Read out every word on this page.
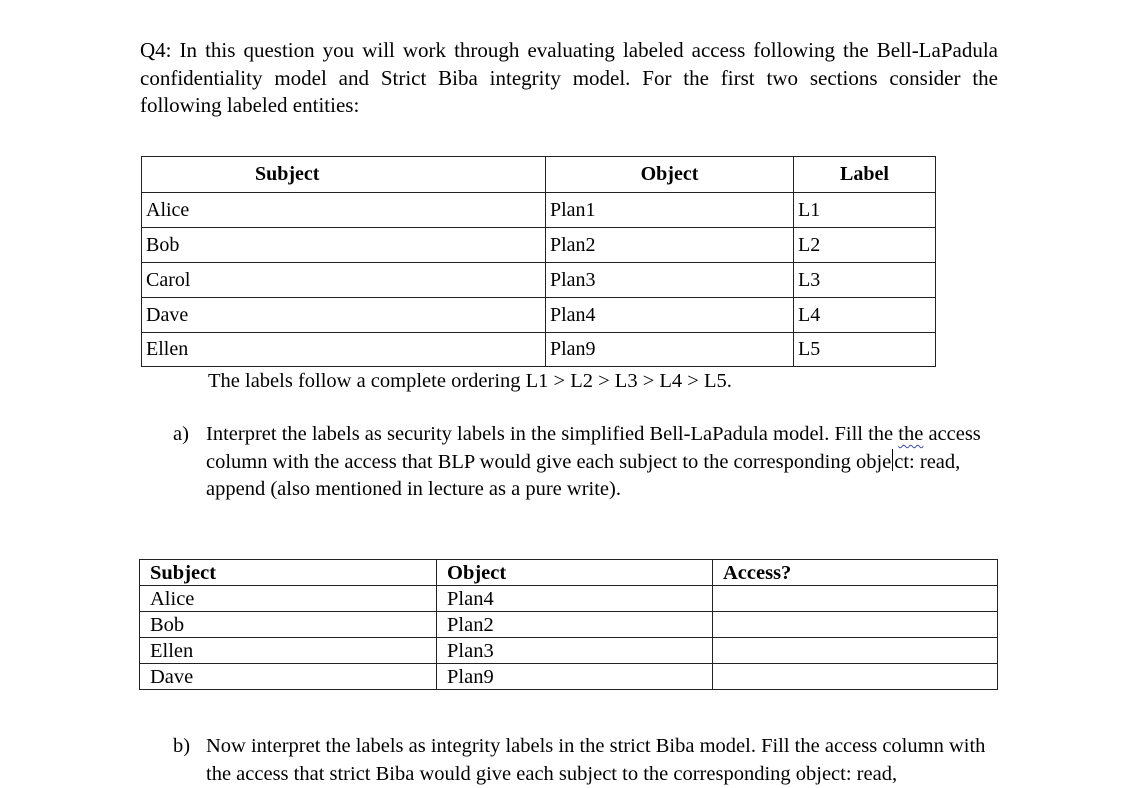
Q4: In this question you will work through evaluating labeled access following the Bell-LaPadula confidentiality model and Strict Biba integrity model. For the first two sections consider the following labeled entities:

Subject	Object	Label
Alice	Plan1	L1
Bob	Plan2	L2
Carol	Plan3	L3
Dave	Plan4	L4
Ellen	Plan9	L5
The labels follow a complete ordering L1 > L2 > L3 > L4 > L5.
a) Interpret the labels as security labels in the simplified Bell-LaPadula model. Fill the the access column with the access that BLP would give each subject to the corresponding obje ct: read, append (also mentioned in lecture as a pure write).
Subject	Object	Access?
Alice	Plan4	
Bob	Plan2	
Ellen	Plan3	
Dave	Plan9	
b) Now interpret the labels as integrity labels in the strict Biba model. Fill the access column with the access that strict Biba would give each subject to the corresponding object: read,
